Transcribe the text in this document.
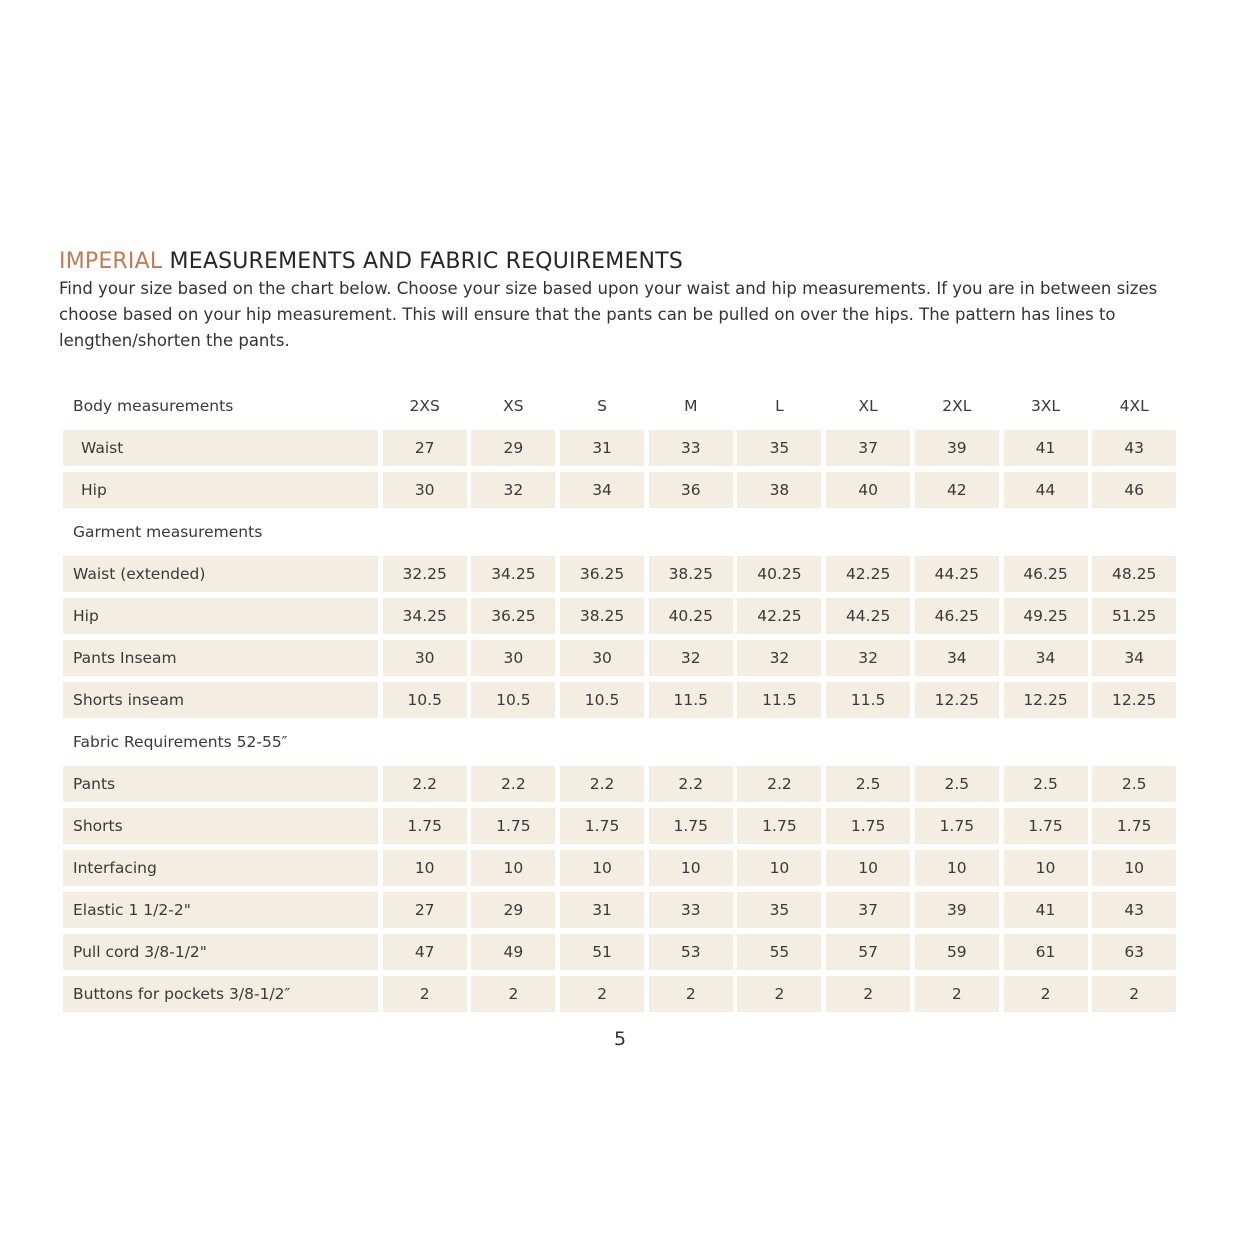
IMPERIAL MEASUREMENTS AND FABRIC REQUIREMENTS

Find your size based on the chart below. Choose your size based upon your waist and hip measurements. If you are in between sizes choose based on your hip measurement. This will ensure that the pants can be pulled on over the hips. The pattern has lines to lengthen/shorten the pants.

Body measurements	2XS	XS	S	M	L	XL	2XL	3XL	4XL
Waist	27	29	31	33	35	37	39	41	43
Hip	30	32	34	36	38	40	42	44	46
Garment measurements
Waist (extended)	32.25	34.25	36.25	38.25	40.25	42.25	44.25	46.25	48.25
Hip	34.25	36.25	38.25	40.25	42.25	44.25	46.25	49.25	51.25
Pants Inseam	30	30	30	32	32	32	34	34	34
Shorts inseam	10.5	10.5	10.5	11.5	11.5	11.5	12.25	12.25	12.25
Fabric Requirements 52-55″
Pants	2.2	2.2	2.2	2.2	2.2	2.5	2.5	2.5	2.5
Shorts	1.75	1.75	1.75	1.75	1.75	1.75	1.75	1.75	1.75
Interfacing	10	10	10	10	10	10	10	10	10
Elastic 1 1/2-2"	27	29	31	33	35	37	39	41	43
Pull cord 3/8-1/2"	47	49	51	53	55	57	59	61	63
Buttons for pockets 3/8-1/2″	2	2	2	2	2	2	2	2	2
5
